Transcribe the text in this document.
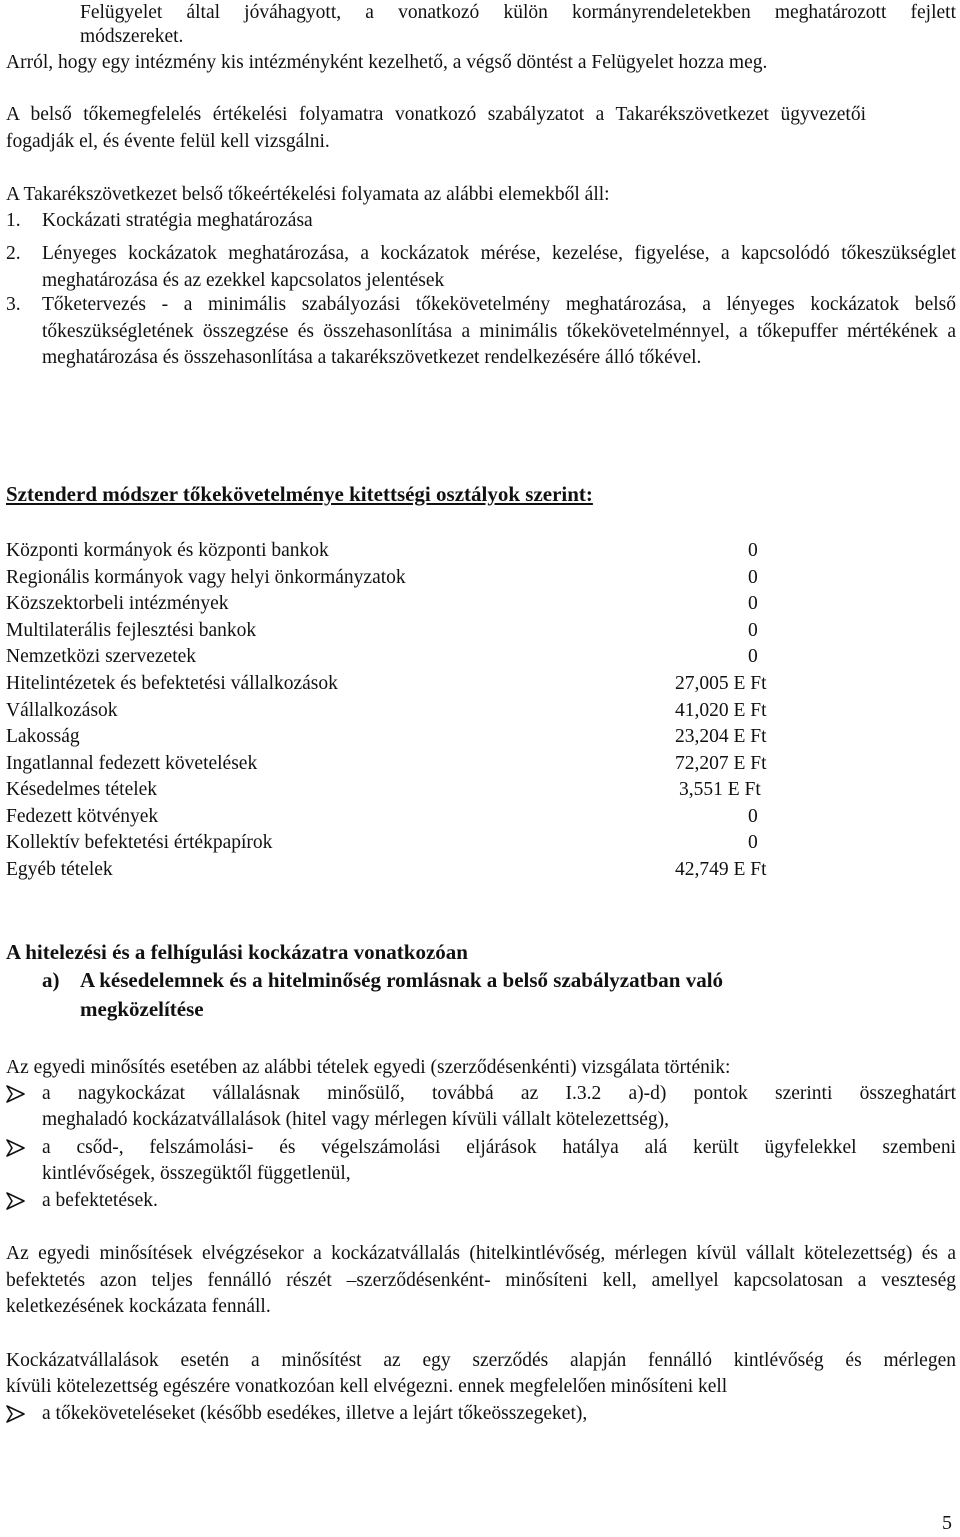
Felügyelet által jóváhagyott, a vonatkozó külön kormányrendeletekben meghatározott fejlett
módszereket.
Arról, hogy egy intézmény kis intézményként kezelhető, a végső döntést a Felügyelet hozza meg.
A belső tőkemegfelelés értékelési folyamatra vonatkozó szabályzatot a Takarékszövetkezet ügyvezetői fogadják el, és évente felül kell vizsgálni.
A Takarékszövetkezet belső tőkeértékelési folyamata az alábbi elemekből áll:
1. Kockázati stratégia meghatározása
2. Lényeges kockázatok meghatározása, a kockázatok mérése, kezelése, figyelése, a kapcsolódó tőkeszükséglet meghatározása és az ezekkel kapcsolatos jelentések
3. Tőketervezés - a minimális szabályozási tőkekövetelmény meghatározása, a lényeges kockázatok belső tőkeszükségletének összegzése és összehasonlítása a minimális tőkekövetelménnyel, a tőkepuffer mértékének a meghatározása és összehasonlítása a takarékszövetkezet rendelkezésére álló tőkével.
Sztenderd módszer tőkekövetelménye kitettségi osztályok szerint:
Központi kormányok és központi bankok	0
Regionális kormányok vagy helyi önkormányzatok	0
Közszektorbeli intézmények	0
Multilaterális fejlesztési bankok	0
Nemzetközi szervezetek	0
Hitelintézetek és befektetési vállalkozások	27,005 E Ft
Vállalkozások	41,020 E Ft
Lakosság	23,204 E Ft
Ingatlannal fedezett követelések	72,207 E Ft
Késedelmes tételek	3,551 E Ft
Fedezett kötvények	0
Kollektív befektetési értékpapírok	0
Egyéb tételek	42,749 E Ft
A hitelezési és a felhígulási kockázatra vonatkozóan
a) A késedelemnek és a hitelminőség romlásnak a belső szabályzatban való
megközelítése
Az egyedi minősítés esetében az alábbi tételek egyedi (szerződésenkénti) vizsgálata történik:
a nagykockázat vállalásnak minősülő, továbbá az I.3.2 a)-d) pontok szerinti összeghatárt
meghaladó kockázatvállalások (hitel vagy mérlegen kívüli vállalt kötelezettség),
a csőd-, felszámolási- és végelszámolási eljárások hatálya alá került ügyfelekkel szembeni
kintlévőségek, összegüktől függetlenül,
a befektetések.
Az egyedi minősítések elvégzésekor a kockázatvállalás (hitelkintlévőség, mérlegen kívül vállalt kötelezettség) és a befektetés azon teljes fennálló részét –szerződésenként- minősíteni kell, amellyel kapcsolatosan a veszteség keletkezésének kockázata fennáll.
Kockázatvállalások esetén a minősítést az egy szerződés alapján fennálló kintlévőség és mérlegen
kívüli kötelezettség egészére vonatkozóan kell elvégezni. ennek megfelelően minősíteni kell
a tőkeköveteléseket (később esedékes, illetve a lejárt tőkeösszegeket),
5
